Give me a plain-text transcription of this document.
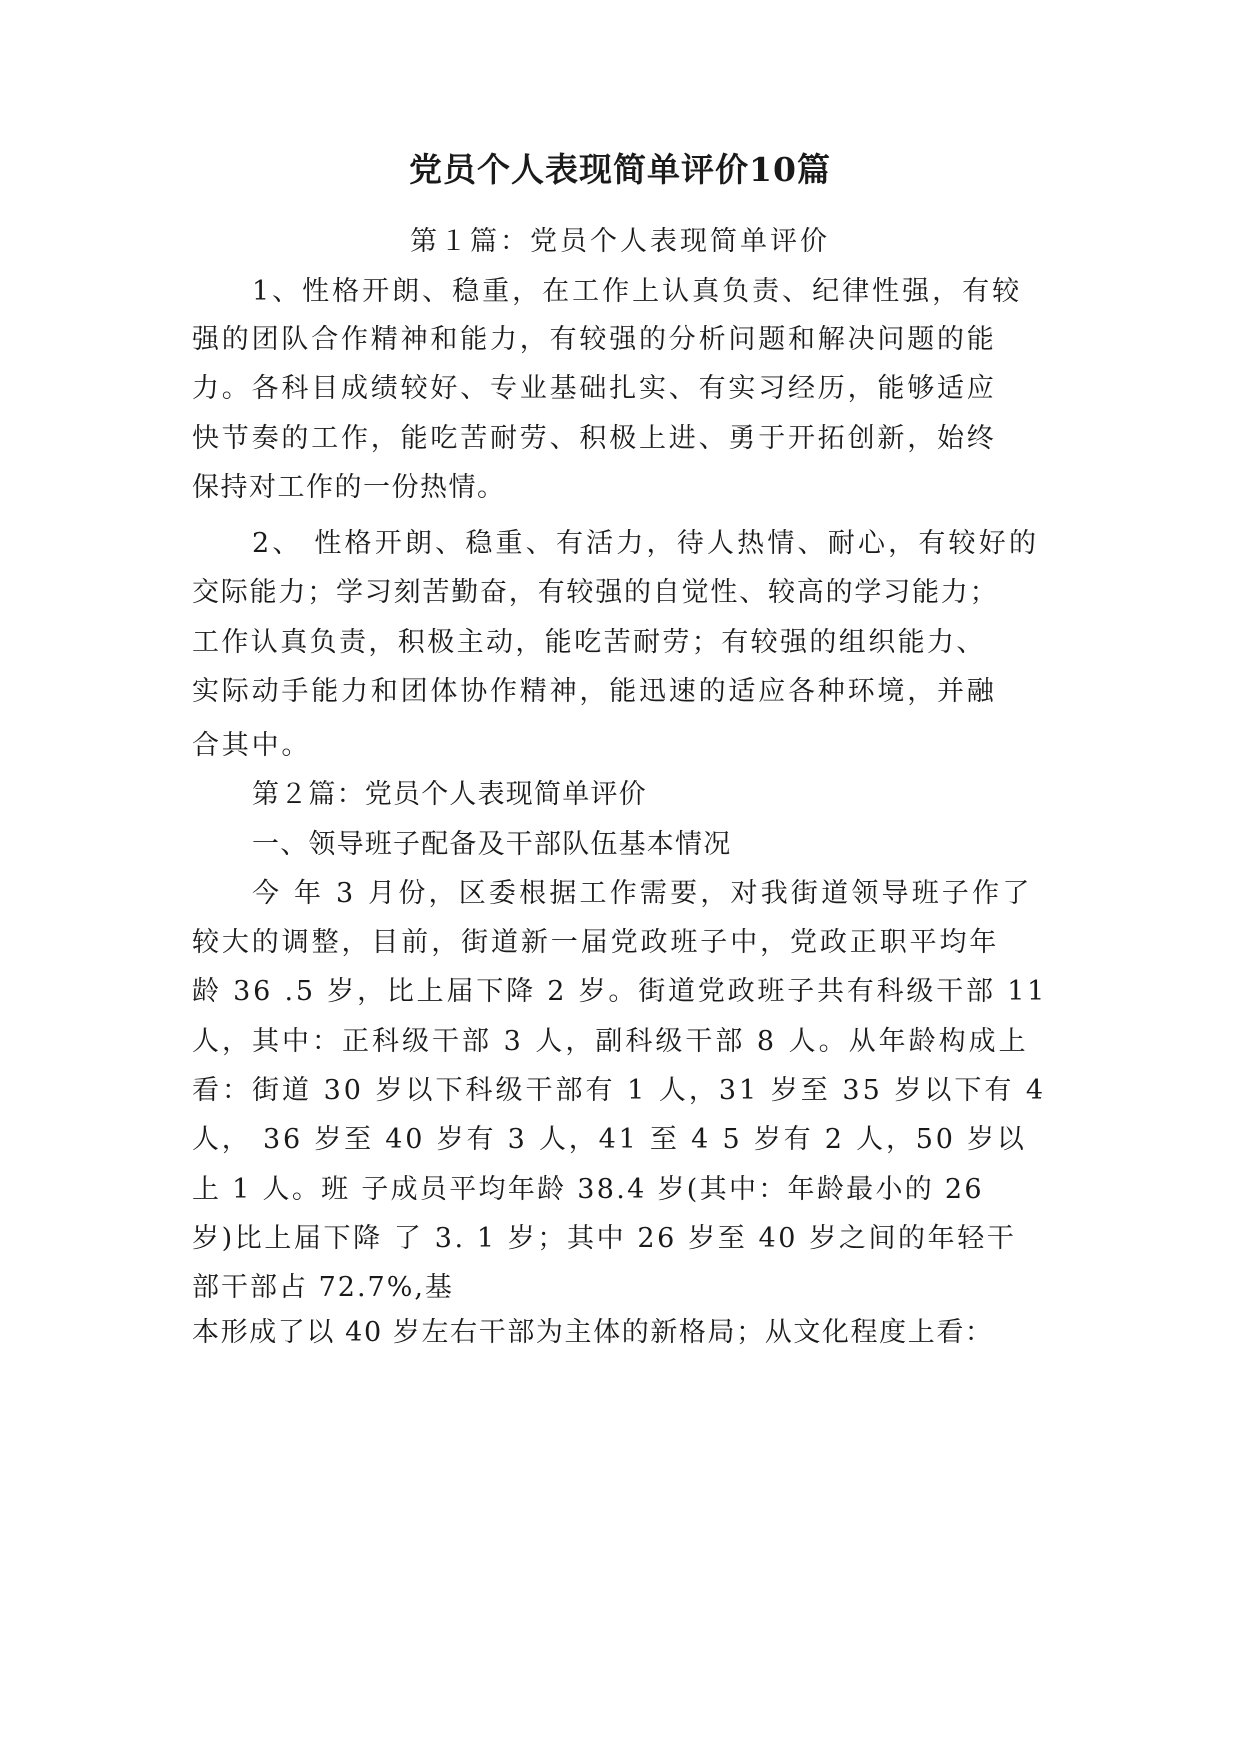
党员个人表现简单评价10篇
第１篇：党员个人表现简单评价
1、性格开朗、稳重，在工作上认真负责、纪律性强，有较
强的团队合作精神和能力，有较强的分析问题和解决问题的能
力。各科目成绩较好、专业基础扎实、有实习经历，能够适应
快节奏的工作，能吃苦耐劳、积极上进、勇于开拓创新，始终
保持对工作的一份热情。
2、 性格开朗、稳重、有活力，待人热情、耐心，有较好的
交际能力；学习刻苦勤奋，有较强的自觉性、较高的学习能力；
工作认真负责，积极主动，能吃苦耐劳；有较强的组织能力、
实际动手能力和团体协作精神，能迅速的适应各种环境，并融
合其中。
第２篇：党员个人表现简单评价
一、领导班子配备及干部队伍基本情况
今 年 3 月份，区委根据工作需要，对我街道领导班子作了
较大的调整，目前，街道新一届党政班子中，党政正职平均年
龄 36 .5 岁，比上届下降 2 岁。街道党政班子共有科级干部 11
人，其中：正科级干部 3 人，副科级干部 8 人。从年龄构成上
看：街道 30 岁以下科级干部有 1 人，31 岁至 35 岁以下有 4
人， 36 岁至 40 岁有 3 人，41 至 4 5 岁有 2 人，50 岁以
上 1 人。班 子成员平均年龄 38.4 岁(其中：年龄最小的 26
岁)比上届下降 了 3. 1 岁；其中 26 岁至 40 岁之间的年轻干
部干部占 72.7%,基
本形成了以 40 岁左右干部为主体的新格局；从文化程度上看：
